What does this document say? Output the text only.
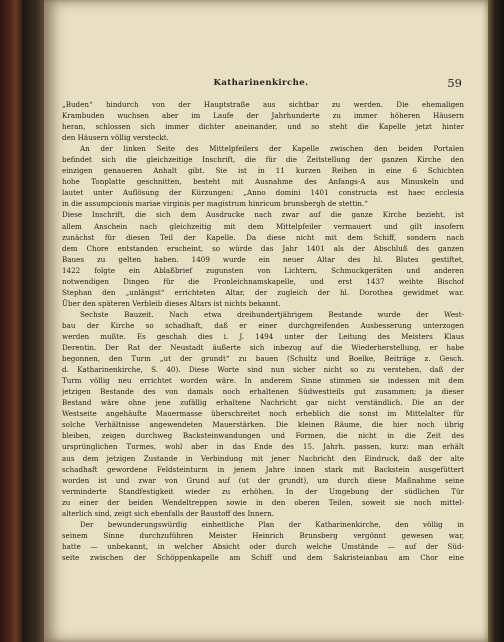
Katharinenkirche.	59
„Buden“ hindurch von der Hauptstraße aus sichtbar zu werden. Die ehemaligen
Krambuden wuchsen aber im Laufe der Jahrhunderte zu immer höheren Häusern
heran, schlossen sich immer dichter aneinander, und so steht die Kapelle jetzt hinter
den Häusern völlig versteckt.
An der linken Seite des Mittelpfeilers der Kapelle zwischen den beiden Portalen
befindet sich die gleichzeitige Inschrift, die für die Zeitstellung der ganzen Kirche den
einzigen genaueren Anhalt gibt. Sie ist in 11 kurzen Reihen in eine 6 Schichten
hohe Tonplatte geschnitten, besteht mit Ausnahme des Anfangs-A aus Minuskeln und
lautet unter Auflösung der Kürzungen: „Anno domini 1401 constructa est haec ecclesia
in die assumpcionis mariae virginis per magistrum hinricum brunsbergh de stettin.“
Diese Inschrift, die sich dem Ausdrucke nach zwar auf die ganze Kirche bezieht, ist
allem Anschein nach gleichzeitig mit dem Mittelpfeiler vermauert und gilt insofern
zunächst für diesen Teil der Kapelle. Da diese nicht mit dem Schiff, sondern nach
dem Chore entstanden erscheint, so würde das Jahr 1401 als der Abschluß des ganzen
Baues zu gelten haben. 1409 wurde ein neuer Altar des hl. Blutes gestiftet,
1422 folgte ein Ablaßbrief zugunsten von Lichtern, Schmuckgeräten und anderen
notwendigen Dingen für die Fronleichnamskapelle, und erst 1437 weihte Bischof
Stephan den „unlängst“ errichteten Altar, der zugleich der hl. Dorothea gewidmet war.
Über den späteren Verbleib dieses Altars ist nichts bekannt.
Sechste Bauzeit. Nach etwa dreihundertjährigem Bestande wurde der West-
bau der Kirche so schadhaft, daß er einer durchgreifenden Ausbesserung unterzogen
werden mußte. Es geschah dies i. J. 1494 unter der Leitung des Meisters Klaus
Derentin. Der Rat der Neustadt äußerte sich inbezug auf die Wiederherstellung, er habe
begonnen, den Turm „ut der grundt“ zu bauen (Schultz und Boelke, Beiträge z. Gesch.
d. Katharinenkirche, S. 40). Diese Worte sind nun sicher nicht so zu verstehen, daß der
Turm völlig neu errichtet worden wäre. In anderem Sinne stimmen sie indessen mit dem
jetzigen Bestande des von damals noch erhaltenen Südwestteils gut zusammen; ja dieser
Bestand wäre ohne jene zufällig erhaltene Nachricht gar nicht verständlich. Die an der
Westseite angehäufte Mauermasse überschreitet noch erheblich die sonst im Mittelalter für
solche Verhältnisse angewendeten Mauerstärken. Die kleinen Räume, die hier noch übrig
bleiben, zeigen durchweg Backsteinwandungen und Formen, die nicht in die Zeit des
ursprünglichen Turmes, wohl aber in das Ende des 15. Jahrh. passen, kurz: man erhält
aus dem jetzigen Zustande in Verbindung mit jener Nachricht den Eindruck, daß der alte
schadhaft gewordene Feldsteinturm in jenem Jahre innen stark mit Backstein ausgefüttert
worden ist und zwar von Grund auf (ut der grundt), um durch diese Maßnahme seine
verminderte Standfestigkeit wieder zu erhöhen. In der Umgebung der südlichen Tür
zu einer der beiden Wendeltreppen sowie in den oberen Teilen, soweit sie noch mittel-
alterlich sind, zeigt sich ebenfalls der Baustoff des Innern.
Der bewunderungswürdig einheitliche Plan der Katharinenkirche, den völlig in
seinem Sinne durchzuführen Meister Heinrich Brunsberg vergönnt gewesen war,
hatte — unbekannt, in welcher Absicht oder durch welche Umstände — auf der Süd-
seite zwischen der Schöppenkapelle am Schiff und dem Sakristeianbau am Chor eine
